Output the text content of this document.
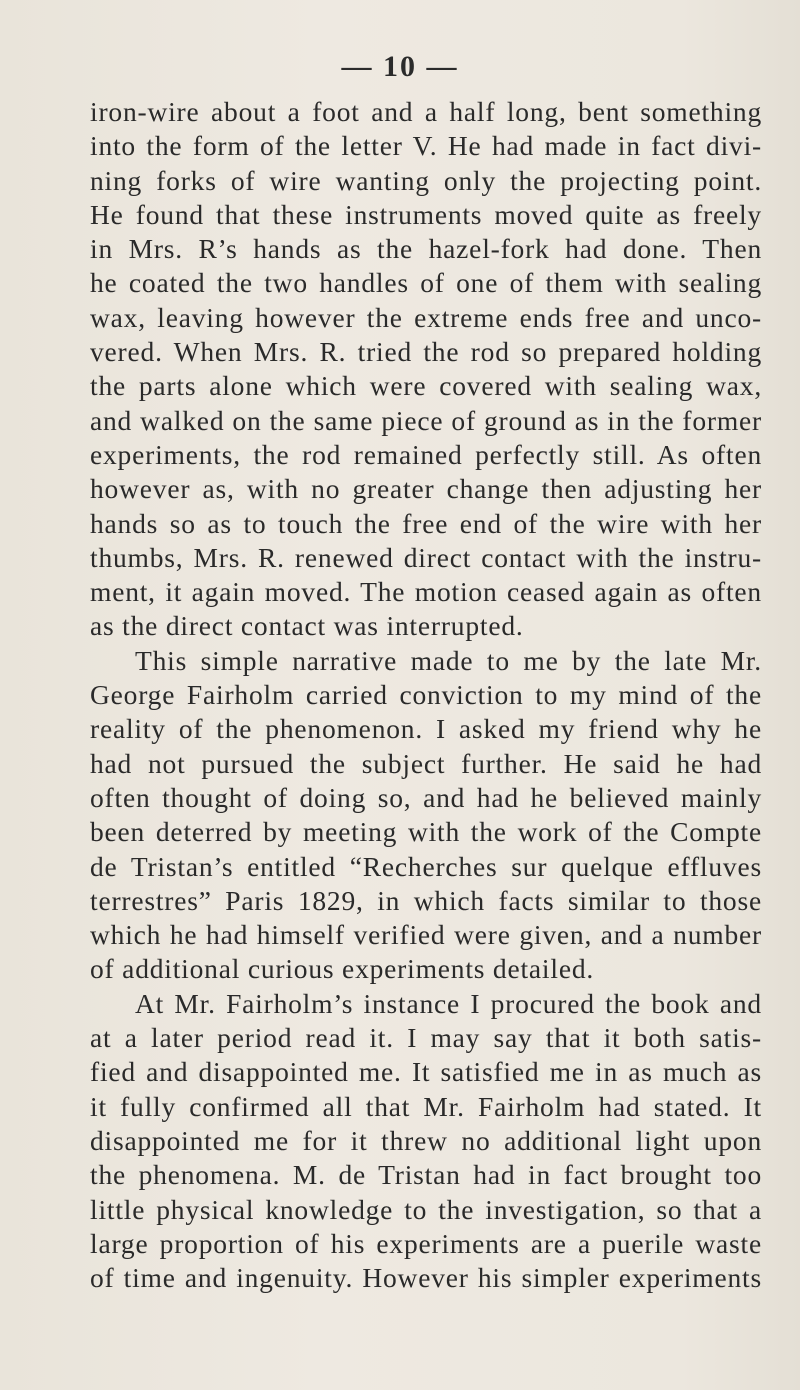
— 10 —
iron-wire about a foot and a half long, bent something
into the form of the letter V. He had made in fact divi-
ning forks of wire wanting only the projecting point.
He found that these instruments moved quite as freely
in Mrs. R’s hands as the hazel-fork had done. Then
he coated the two handles of one of them with sealing
wax, leaving however the extreme ends free and unco-
vered. When Mrs. R. tried the rod so prepared holding
the parts alone which were covered with sealing wax,
and walked on the same piece of ground as in the former
experiments, the rod remained perfectly still. As often
however as, with no greater change then adjusting her
hands so as to touch the free end of the wire with her
thumbs, Mrs. R. renewed direct contact with the instru-
ment, it again moved. The motion ceased again as often
as the direct contact was interrupted.
This simple narrative made to me by the late Mr.
George Fairholm carried conviction to my mind of the
reality of the phenomenon. I asked my friend why he
had not pursued the subject further. He said he had
often thought of doing so, and had he believed mainly
been deterred by meeting with the work of the Compte
de Tristan’s entitled “Recherches sur quelque effluves
terrestres” Paris 1829, in which facts similar to those
which he had himself verified were given, and a number
of additional curious experiments detailed.
At Mr. Fairholm’s instance I procured the book and
at a later period read it. I may say that it both satis-
fied and disappointed me. It satisfied me in as much as
it fully confirmed all that Mr. Fairholm had stated. It
disappointed me for it threw no additional light upon
the phenomena. M. de Tristan had in fact brought too
little physical knowledge to the investigation, so that a
large proportion of his experiments are a puerile waste
of time and ingenuity. However his simpler experiments
